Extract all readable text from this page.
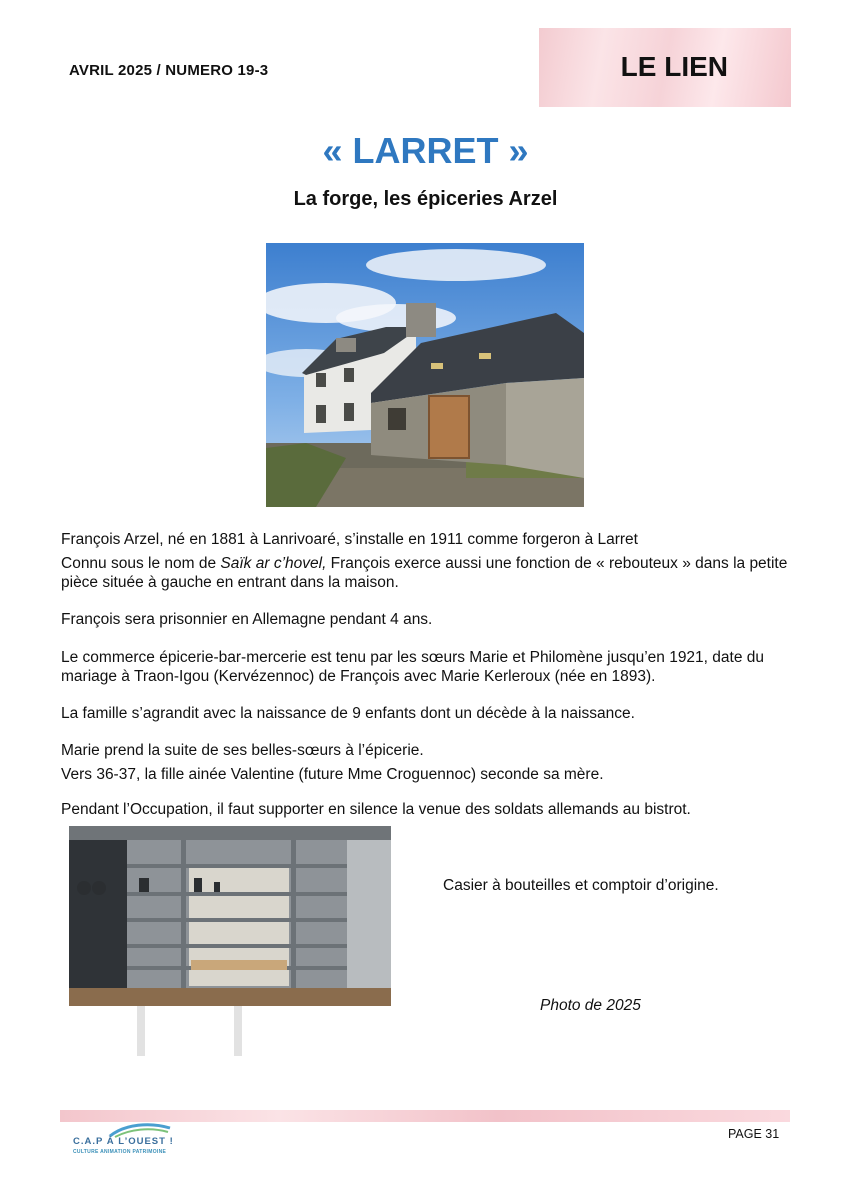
AVRIL 2025 / NUMERO 19-3	LE LIEN
« LARRET »
La forge, les épiceries Arzel
François Arzel, né en 1881 à Lanrivoaré, s’installe en 1911 comme forgeron à Larret
Connu sous le nom de Saïk ar c’hovel, François exerce aussi une fonction de « rebouteux » dans la petite pièce située à gauche en entrant dans la maison.
François sera prisonnier en Allemagne pendant 4 ans.
Le commerce épicerie-bar-mercerie est tenu par les sœurs Marie et Philomène jusqu’en 1921, date du mariage à Traon-Igou (Kervézennoc) de François avec Marie Kerleroux (née en 1893).
La famille s’agrandit avec la naissance de 9 enfants dont un décède à la naissance.
Marie prend la suite de ses belles-sœurs à l’épicerie.
Vers 36-37, la fille ainée Valentine (future Mme Croguennoc) seconde sa mère.
Pendant l’Occupation, il faut supporter en silence la venue des soldats allemands au bistrot.
Casier à bouteilles et comptoir d’origine.
Photo de 2025
C.A.P À L’OUEST !
CULTURE ANIMATION PATRIMOINE
PAGE 31
